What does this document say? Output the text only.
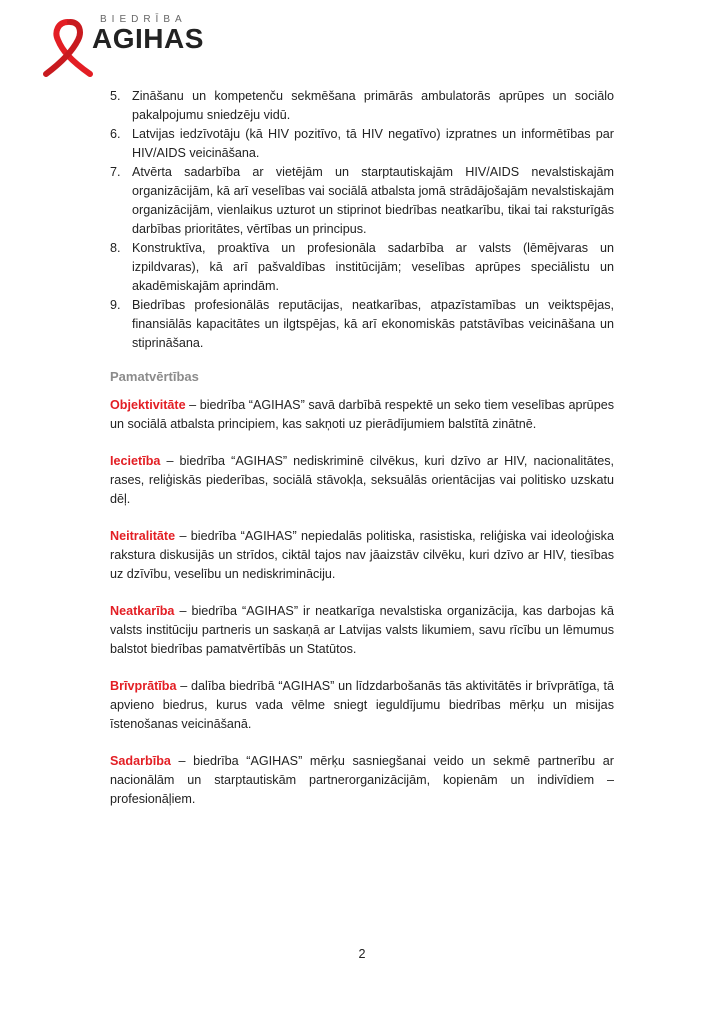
BIEDRĪBA
AGIHAS
5. Zināšanu un kompetenču sekmēšana primārās ambulatorās aprūpes un sociālo pakalpojumu sniedzēju vidū.
6. Latvijas iedzīvotāju (kā HIV pozitīvo, tā HIV negatīvo) izpratnes un informētības par HIV/AIDS veicināšana.
7. Atvērta sadarbība ar vietējām un starptautiskajām HIV/AIDS nevalstiskajām organizācijām, kā arī veselības vai sociālā atbalsta jomā strādājošajām nevalstiskajām organizācijām, vienlaikus uzturot un stiprinot biedrības neatkarību, tikai tai raksturīgās darbības prioritātes, vērtības un principus.
8. Konstruktīva, proaktīva un profesionāla sadarbība ar valsts (lēmējvaras un izpildvaras), kā arī pašvaldības institūcijām; veselības aprūpes speciālistu un akadēmiskajām aprindām.
9. Biedrības profesionālās reputācijas, neatkarības, atpazīstamības un veiktspējas, finansiālās kapacitātes un ilgtspējas, kā arī ekonomiskās patstāvības veicināšana un stiprināšana.
Pamatvērtības

Objektivitāte – biedrība “AGIHAS” savā darbībā respektē un seko tiem veselības aprūpes un sociālā atbalsta principiem, kas sakņoti uz pierādījumiem balstītā zinātnē.

Iecietība – biedrība “AGIHAS” nediskriminē cilvēkus, kuri dzīvo ar HIV, nacionalitātes, rases, reliģiskās piederības, sociālā stāvokļa, seksuālās orientācijas vai politisko uzskatu dēļ.

Neitralitāte – biedrība “AGIHAS” nepiedalās politiska, rasistiska, reliģiska vai ideoloģiska rakstura diskusijās un strīdos, ciktāl tajos nav jāaizstāv cilvēku, kuri dzīvo ar HIV, tiesības uz dzīvību, veselību un nediskrimināciju.

Neatkarība – biedrība “AGIHAS” ir neatkarīga nevalstiska organizācija, kas darbojas kā valsts institūciju partneris un saskaņā ar Latvijas valsts likumiem, savu rīcību un lēmumus balstot biedrības pamatvērtībās un Statūtos.

Brīvprātība – dalība biedrībā “AGIHAS” un līdzdarbošanās tās aktivitātēs ir brīvprātīga, tā apvieno biedrus, kurus vada vēlme sniegt ieguldījumu biedrības mērķu un misijas īstenošanas veicināšanā.

Sadarbība – biedrība “AGIHAS” mērķu sasniegšanai veido un sekmē partnerību ar nacionālām un starptautiskām partnerorganizācijām, kopienām un indivīdiem – profesionāļiem.

2
